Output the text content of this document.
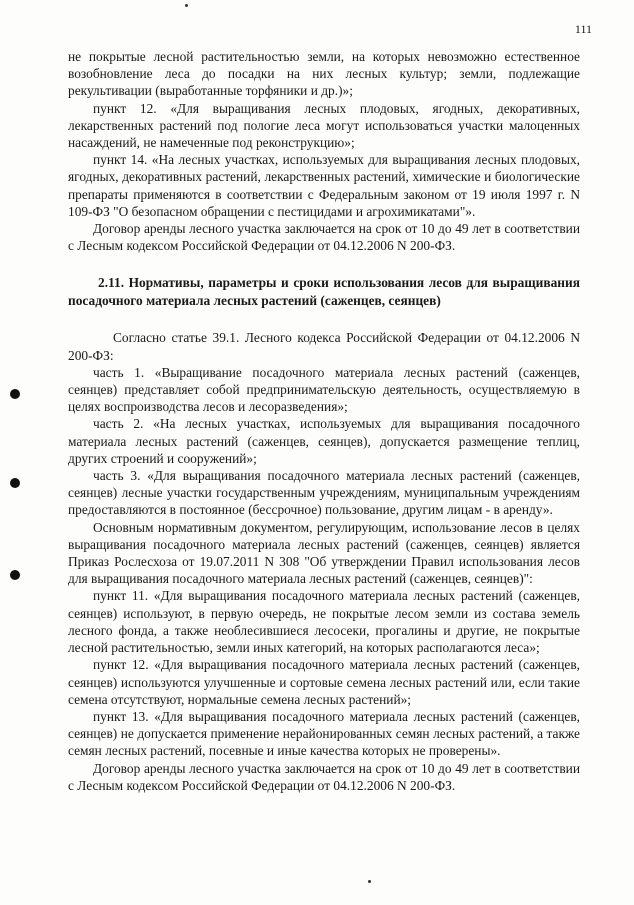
111

не покрытые лесной растительностью земли, на которых невозможно естественное возобновление леса до посадки на них лесных культур; земли, подлежащие рекультивации (выработанные торфяники и др.)»;

пункт 12. «Для выращивания лесных плодовых, ягодных, декоративных, лекарственных растений под пологие леса могут использоваться участки малоценных насаждений, не намеченные под реконструкцию»;

пункт 14. «На лесных участках, используемых для выращивания лесных плодовых, ягодных, декоративных растений, лекарственных растений, химические и биологические препараты применяются в соответствии с Федеральным законом от 19 июля 1997 г. N 109-ФЗ "О безопасном обращении с пестицидами и агрохимикатами"».

Договор аренды лесного участка заключается на срок от 10 до 49 лет в соответствии с Лесным кодексом Российской Федерации от 04.12.2006 N 200-ФЗ.

2.11. Нормативы, параметры и сроки использования лесов для выращивания посадочного материала лесных растений (саженцев, сеянцев)

Согласно статье 39.1. Лесного кодекса Российской Федерации от 04.12.2006 N 200-ФЗ:

часть 1. «Выращивание посадочного материала лесных растений (саженцев, сеянцев) представляет собой предпринимательскую деятельность, осуществляемую в целях воспроизводства лесов и лесоразведения»;

часть 2. «На лесных участках, используемых для выращивания посадочного материала лесных растений (саженцев, сеянцев), допускается размещение теплиц, других строений и сооружений»;

часть 3. «Для выращивания посадочного материала лесных растений (саженцев, сеянцев) лесные участки государственным учреждениям, муниципальным учреждениям предоставляются в постоянное (бессрочное) пользование, другим лицам - в аренду».

Основным нормативным документом, регулирующим, использование лесов в целях выращивания посадочного материала лесных растений (саженцев, сеянцев) является Приказ Рослесхоза от 19.07.2011 N 308 "Об утверждении Правил использования лесов для выращивания посадочного материала лесных растений (саженцев, сеянцев)":

пункт 11. «Для выращивания посадочного материала лесных растений (саженцев, сеянцев) используют, в первую очередь, не покрытые лесом земли из состава земель лесного фонда, а также необлесившиеся лесосеки, прогалины и другие, не покрытые лесной растительностью, земли иных категорий, на которых располагаются леса»;

пункт 12. «Для выращивания посадочного материала лесных растений (саженцев, сеянцев) используются улучшенные и сортовые семена лесных растений или, если такие семена отсутствуют, нормальные семена лесных растений»;

пункт 13. «Для выращивания посадочного материала лесных растений (саженцев, сеянцев) не допускается применение нерайонированных семян лесных растений, а также семян лесных растений, посевные и иные качества которых не проверены».

Договор аренды лесного участка заключается на срок от 10 до 49 лет в соответствии с Лесным кодексом Российской Федерации от 04.12.2006 N 200-ФЗ.
